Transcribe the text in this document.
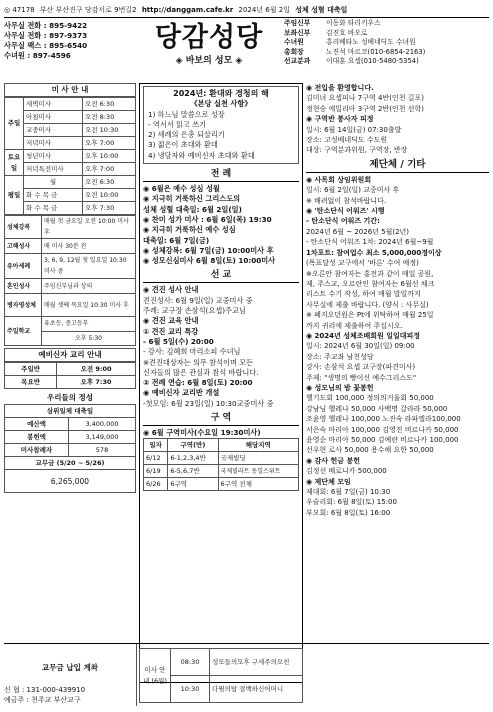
◎ 47178 부산 부산진구 당감서로 9번길2 http://danggam.cafe.kr 2024년 6월 2일 성체 성혈 대축일
사무실 전화 : 895-9422
사무실 전화 : 897-9373
사무실 팩스 : 895-6540
수녀원 : 897-4596
당감성당
◈ 바보의 성모 ◈
주임신부 이동화 타리키우스
보좌신부 김진호 바오로
수녀원	홍리베타노 성베네딕도 수녀원
총회장	노진석 마르코(010-6854-2163)
선교분과 이대훈 요셉(010-5480-5354)
미 사 안 내
주일	새벽미사	오전 6:30
	아침미사	오전 8:30
	교중미사	오전 10:30
	저녁미사	오후 7:00
토요일	청년미사	오후 10:00
	저녁특전미사	오후 7:00
평일	월	오전 6:30
	화 수 목 금	오전 10:00
	화 수 목 금	오후 7:30
성체강복	매월 첫 금요일 오전 10:00 미사 후
고해성사	매 미사 30분 전
유아세례	3, 6, 9, 12월 첫 일요일 10:30 미사 중
혼인성사	주임신부님과 상의
병자영성체	매월 셋째 목요일 10:30 미사 후
주일학교	유초등, 중고등부
	오후 5:30
예비신자 교리 안내
주일반	오전 9:00
목요반	오후 7:30
우리들의 정성
삼위일체 대축일	
예산액	3,400,000
봉헌액	3,149,000
미사참례자	578
교무금 (5/20 ~ 5/26)	
6,265,000	
2024년: 환대와 경청의 해
《본당 실천 사항》
1) 하느님 말씀으로 성장
- 역서서 읽고 쓰기
2) 세례의 은총 되살리기
3) 젊은이 초대와 환대
4) 냉담자와 예비신자 초대와 환대
전 례
◉ 6월은 예수 성심 성월
◉ 지극히 거룩하신 그리스도의
성체 성혈 대축일: 6월 2일(일)
◉ 찬미 성가 미사 : 6월 6일(목) 19:30
◉ 지극히 거룩하신 예수 성심
대축일: 6월 7일(금)
◉ 성체강복: 6월 7일(금) 10:00미사 후
◉ 성모신심미사 6월 8일(토) 10:00미사
선 교
◉ 견진 성사 안내
견진성사: 6월 9일(일) 교중미사 중
주례: 교구장 손삼석(요셉)주교님
◉ 견진 교육 안내
① 견진 교리 특강
- 6월 5일(수) 20:00
- 강사: 김혜희 마리소피 수녀님
※견진대상자는 의무 참석이며 모든
신자들의 많은 관심과 참석 바랍니다.
② 전례 연습: 6월 8일(토) 20:00
◉ 예비신자 교리반 개설
-첫모임: 6월 23일(일) 10:30교중미사 중
구 역
◉ 6월 구역미사(수요일 19:30미사)
일자	구역(반)	해당지역
6/12	6-1,2,3,4반	국제빌딩
6/19	6-5,6,7반	국제빌라트 동일스위트
6/26	6구역	6구역 전체
◉ 전입을 환영합니다.
김미녀 요셉피나 7구역 4반(인천 길포)
정현승 에밀리아 3구역 2반(인천 선학)
◉ 구역반 봉사자 피정
일시: 6월 14일(금) 07:30출발
장소: 고성베네딕도 수도원
대상: 구역분과위원, 구역장, 반장
제단체 / 기타
◉ 사목회 상임위원회
일시: 6월 2일(일) 교중미사 후
※ 배려없이 참석바랍니다.
◉ '탄소단식 어워즈' 시행
- 탄소단식 어워즈 기간:
2024년 6월 ~ 2026년 5월(2년)
- 탄소단식 어워즈 1차: 2024년 6월~9월
1차포트: 참여업수 최소 5,000,000정이상
(목표달성 교구에서 '바른' 수여 예정)
※오른안 참여자는 홍전과 같이 매일 공원,
제, 주스교, 오르란인 참여자는 6월선 체크
리스트 수기 작성, 하여 매월 말일까지
사무실에 제출 바랍니다. (양식 : 사무실)
※ 폐지오던원은 Pt에 위탁하여 매월 25일
까지 귀리에 제출하여 주십시오.
◉ 2024년 성체조배회원 일일대피정
일시: 2024년 6월 30일(일) 09:00
장소: 주교좌 남천성당
강사: 손삼석 요셉 교구장(파견미사)
주제: "생명의 빵이신 예수그리스도"
◉ 성모님의 밤 꽃봉헌
헬기도회 100,000 정의의거울회 50,000
강남님 헬레나 50,000 사백명 갈라라 50,000
조윤영 헬레나 100,000 노진숙 라파엘라100,000
서은숙 마리아 100,000 김영진 비르나카 50,000
윤영순 마리아 50,000 김예란 비르나카 100,000
선우현 로사 50,000 용수해 요한 50,000
◉ 감사 헌금 봉헌
김정선 베로니카 500,000
◉ 제단체 모임
제대회: 6월 7일(금) 10:30
우슬리회: 6월 8일(토) 15:00
부모회: 6월 8일(토) 16:00
교무금 납입 계좌
신 협 : 131-000-439910
예금주 : 천주교 부산교구
미사 안내 (6월)	08:30	성모들의모후 구세주의모친
	10:30	다윗의탑 결백하신어머니
